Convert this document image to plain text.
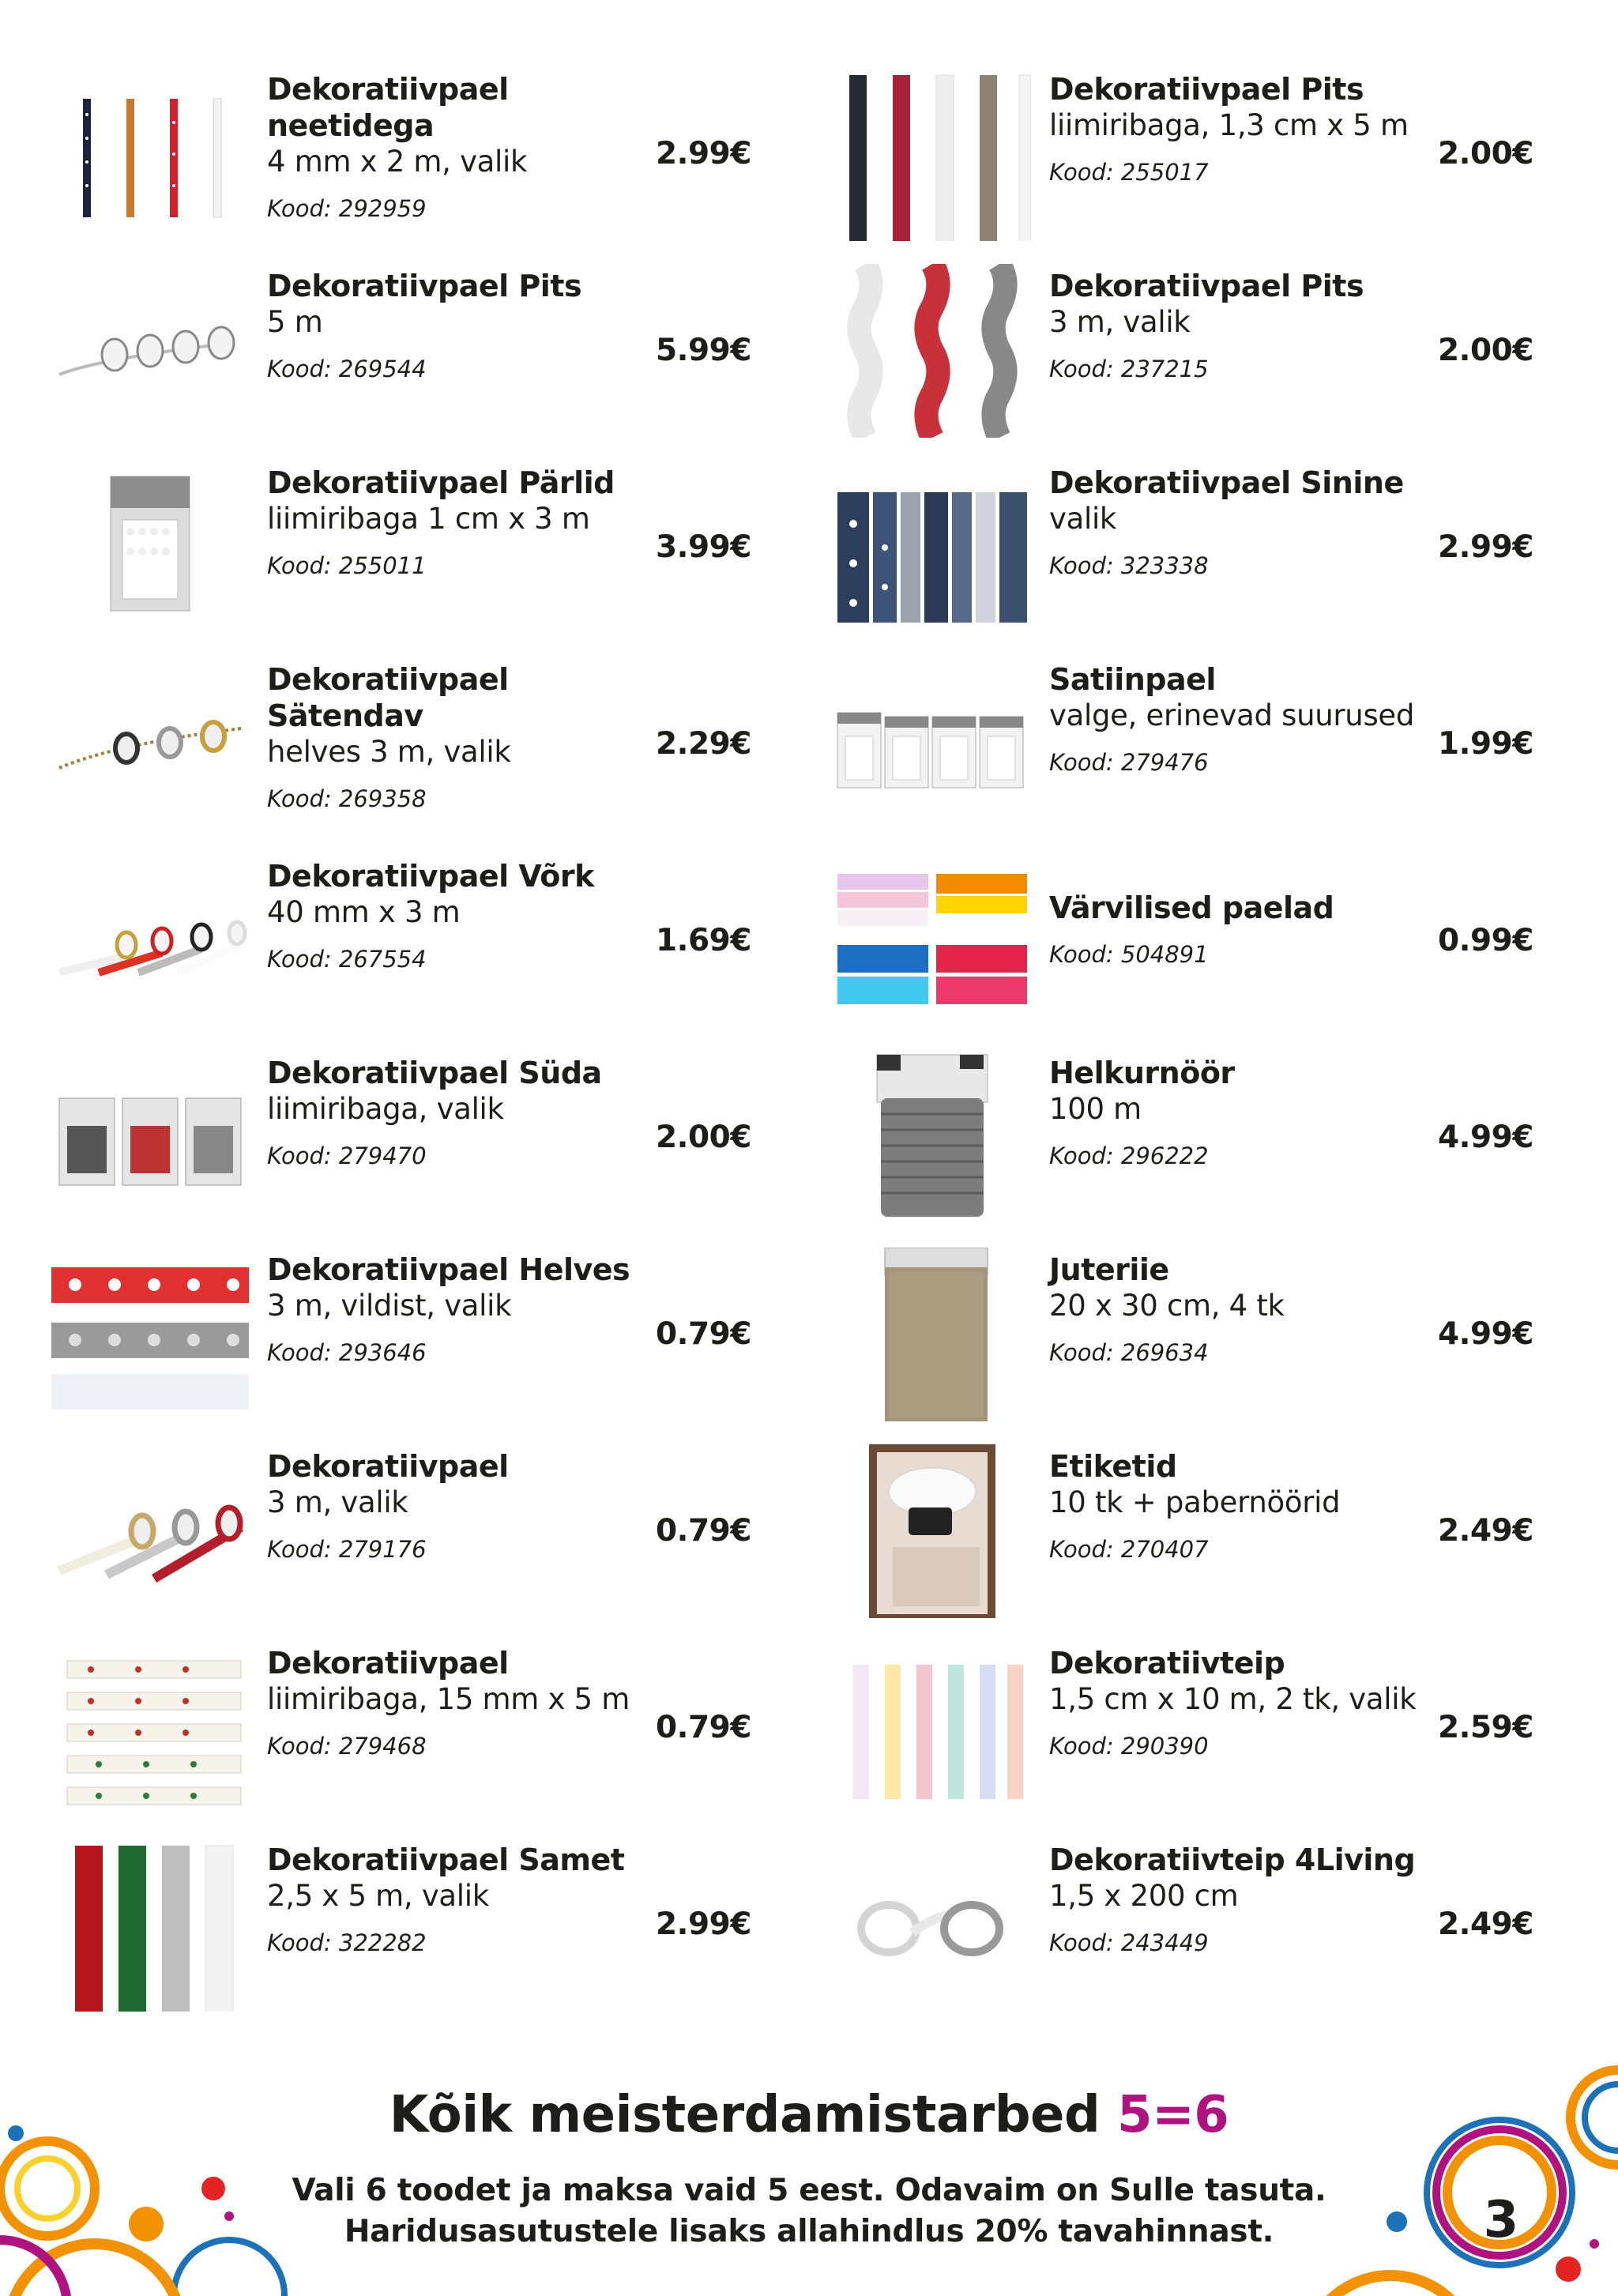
Dekoratiivpael neetidega
4 mm x 2 m, valik
Kood: 292959
2.99€
Dekoratiivpael Pits
5 m
Kood: 269544
5.99€
Dekoratiivpael Pärlid
liimiribaga 1 cm x 3 m
Kood: 255011
3.99€
Dekoratiivpael Sätendav
helves 3 m, valik
Kood: 269358
2.29€
Dekoratiivpael Võrk
40 mm x 3 m
Kood: 267554
1.69€
Dekoratiivpael Süda
liimiribaga, valik
Kood: 279470
2.00€
Dekoratiivpael Helves
3 m, vildist, valik
Kood: 293646
0.79€
Dekoratiivpael
3 m, valik
Kood: 279176
0.79€
Dekoratiivpael
liimiribaga, 15 mm x 5 m
Kood: 279468
0.79€
Dekoratiivpael Samet
2,5 x 5 m, valik
Kood: 322282
2.99€
Dekoratiivpael Pits
liimiribaga, 1,3 cm x 5 m
Kood: 255017
2.00€
Dekoratiivpael Pits
3 m, valik
Kood: 237215
2.00€
Dekoratiivpael Sinine
valik
Kood: 323338
2.99€
Satiinpael
valge, erinevad suurused
Kood: 279476
1.99€
Värvilised paelad
Kood: 504891	0.99€
Helkurnöör
100 m
Kood: 296222
4.99€
Juteriie
20 x 30 cm, 4 tk
Kood: 269634
4.99€
Etiketid
10 tk + pabernöörid
Kood: 270407
2.49€
Dekoratiivteip
1,5 cm x 10 m, 2 tk, valik
Kood: 290390
2.59€
Dekoratiivteip 4Living
1,5 x 200 cm
Kood: 243449
2.49€
Kõik meisterdamistarbed 5=6
Vali 6 toodet ja maksa vaid 5 eest. Odavaim on Sulle tasuta.
Haridusasutustele lisaks allahindlus 20% tavahinnast.	3
